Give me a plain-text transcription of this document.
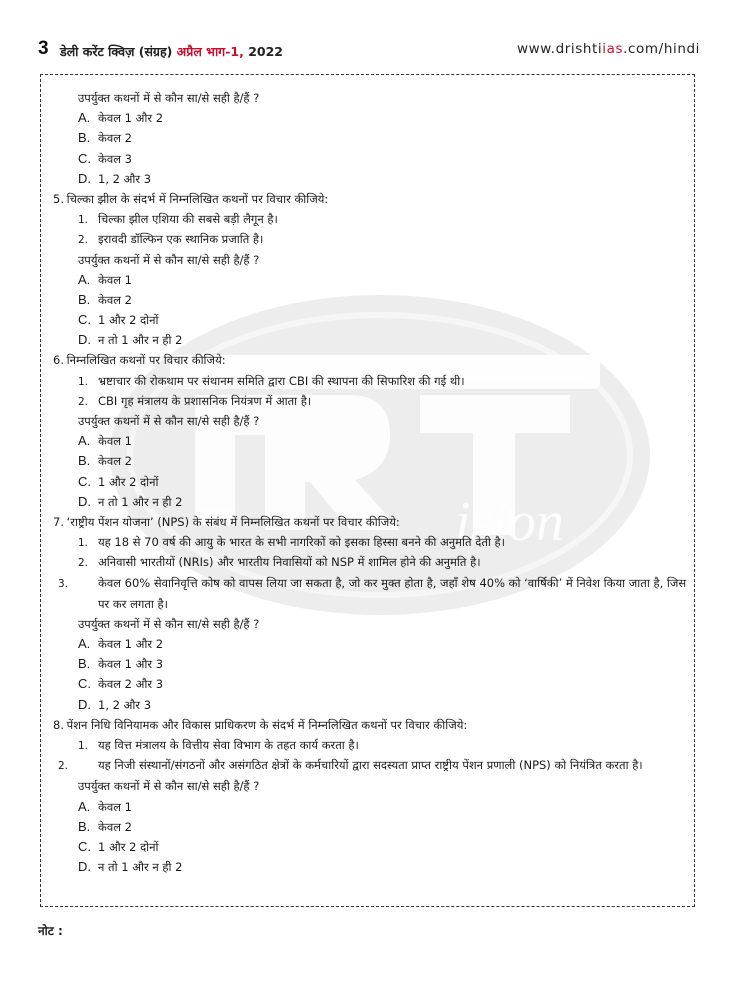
3 डेली करेंट क्विज़ (संग्रह) अप्रैल भाग-1, 2022	www.drishtiias.com/hindi
ision
उपर्युक्त कथनों में से कौन सा/से सही है/हैं ?
A. केवल 1 और 2
B. केवल 2
C. केवल 3
D. 1, 2 और 3
5. चिल्का झील के संदर्भ में निम्नलिखित कथनों पर विचार कीजिये:
1. चिल्का झील एशिया की सबसे बड़ी लैगून है।
2. इरावदी डॉल्फिन एक स्थानिक प्रजाति है।
उपर्युक्त कथनों में से कौन सा/से सही है/हैं ?
A. केवल 1
B. केवल 2
C. 1 और 2 दोनों
D. न तो 1 और न ही 2
6. निम्नलिखित कथनों पर विचार कीजिये:
1. भ्रष्टाचार की रोकथाम पर संथानम समिति द्वारा CBI की स्थापना की सिफारिश की गई थी।
2. CBI गृह मंत्रालय के प्रशासनिक नियंत्रण में आता है।
उपर्युक्त कथनों में से कौन सा/से सही है/हैं ?
A. केवल 1
B. केवल 2
C. 1 और 2 दोनों
D. न तो 1 और न ही 2
7. ‘राष्ट्रीय पेंशन योजना’ (NPS) के संबंध में निम्नलिखित कथनों पर विचार कीजिये:
1. यह 18 से 70 वर्ष की आयु के भारत के सभी नागरिकों को इसका हिस्सा बनने की अनुमति देती है।
2. अनिवासी भारतीयों (NRIs) और भारतीय निवासियों को NSP में शामिल होने की अनुमति है।
3.	केवल 60% सेवानिवृत्ति कोष को वापस लिया जा सकता है, जो कर मुक्त होता है, जहाँ शेष 40% को ‘वार्षिकी’ में निवेश किया जाता है, जिस पर कर लगता है।
उपर्युक्त कथनों में से कौन सा/से सही है/हैं ?
A. केवल 1 और 2
B. केवल 1 और 3
C. केवल 2 और 3
D. 1, 2 और 3
8. पेंशन निधि विनियामक और विकास प्राधिकरण के संदर्भ में निम्नलिखित कथनों पर विचार कीजिये:
1. यह वित्त मंत्रालय के वित्तीय सेवा विभाग के तहत कार्य करता है।
2.	यह निजी संस्थानों/संगठनों और असंगठित क्षेत्रों के कर्मचारियों द्वारा सदस्यता प्राप्त राष्ट्रीय पेंशन प्रणाली (NPS) को नियंत्रित करता है।
उपर्युक्त कथनों में से कौन सा/से सही है/हैं ?
A. केवल 1
B. केवल 2
C. 1 और 2 दोनों
D. न तो 1 और न ही 2
नोट :
